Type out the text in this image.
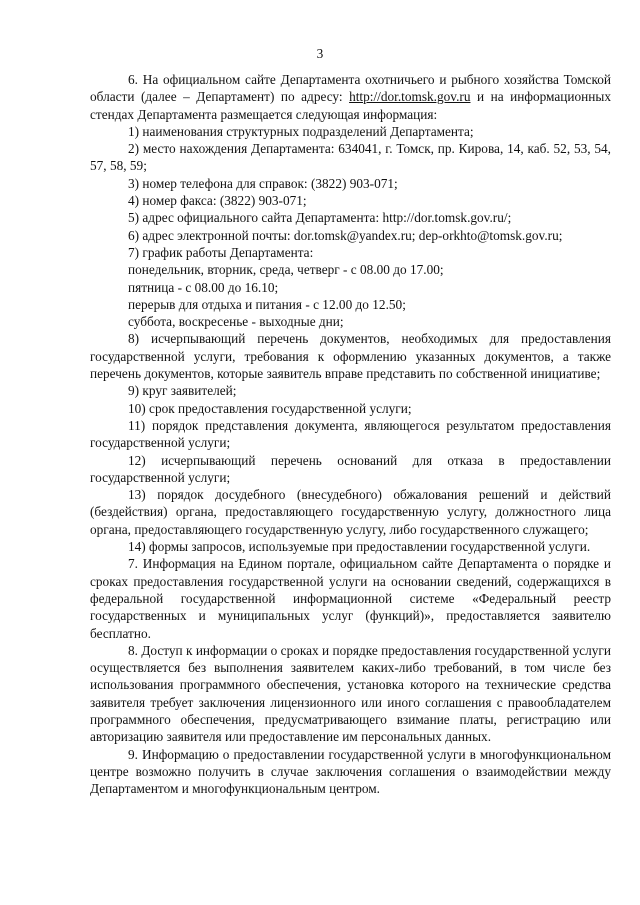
3

6. На официальном сайте Департамента охотничьего и рыбного хозяйства Томской области (далее – Департамент) по адресу: http://dor.tomsk.gov.ru и на информационных стендах Департамента размещается следующая информация:

1) наименования структурных подразделений Департамента;

2) место нахождения Департамента: 634041, г. Томск, пр. Кирова, 14, каб. 52, 53, 54, 57, 58, 59;

3) номер телефона для справок: (3822) 903-071;

4) номер факса: (3822) 903-071;

5) адрес официального сайта Департамента: http://dor.tomsk.gov.ru/;

6) адрес электронной почты: dor.tomsk@yandex.ru; dep-orkhto@tomsk.gov.ru;

7) график работы Департамента:

понедельник, вторник, среда, четверг - с 08.00 до 17.00;

пятница - с 08.00 до 16.10;

перерыв для отдыха и питания - с 12.00 до 12.50;

суббота, воскресенье - выходные дни;

8) исчерпывающий перечень документов, необходимых для предоставления государственной услуги, требования к оформлению указанных документов, а также перечень документов, которые заявитель вправе представить по собственной инициативе;

9) круг заявителей;

10) срок предоставления государственной услуги;

11) порядок представления документа, являющегося результатом предоставления государственной услуги;

12) исчерпывающий перечень оснований для отказа в предоставлении государственной услуги;

13) порядок досудебного (внесудебного) обжалования решений и действий (бездействия) органа, предоставляющего государственную услугу, должностного лица органа, предоставляющего государственную услугу, либо государственного служащего;

14) формы запросов, используемые при предоставлении государственной услуги.

7. Информация на Едином портале, официальном сайте Департамента о порядке и сроках предоставления государственной услуги на основании сведений, содержащихся в федеральной государственной информационной системе «Федеральный реестр государственных и муниципальных услуг (функций)», предоставляется заявителю бесплатно.

8. Доступ к информации о сроках и порядке предоставления государственной услуги осуществляется без выполнения заявителем каких-либо требований, в том числе без использования программного обеспечения, установка которого на технические средства заявителя требует заключения лицензионного или иного соглашения с правообладателем программного обеспечения, предусматривающего взимание платы, регистрацию или авторизацию заявителя или предоставление им персональных данных.

9. Информацию о предоставлении государственной услуги в многофункциональном центре возможно получить в случае заключения соглашения о взаимодействии между Департаментом и многофункциональным центром.
